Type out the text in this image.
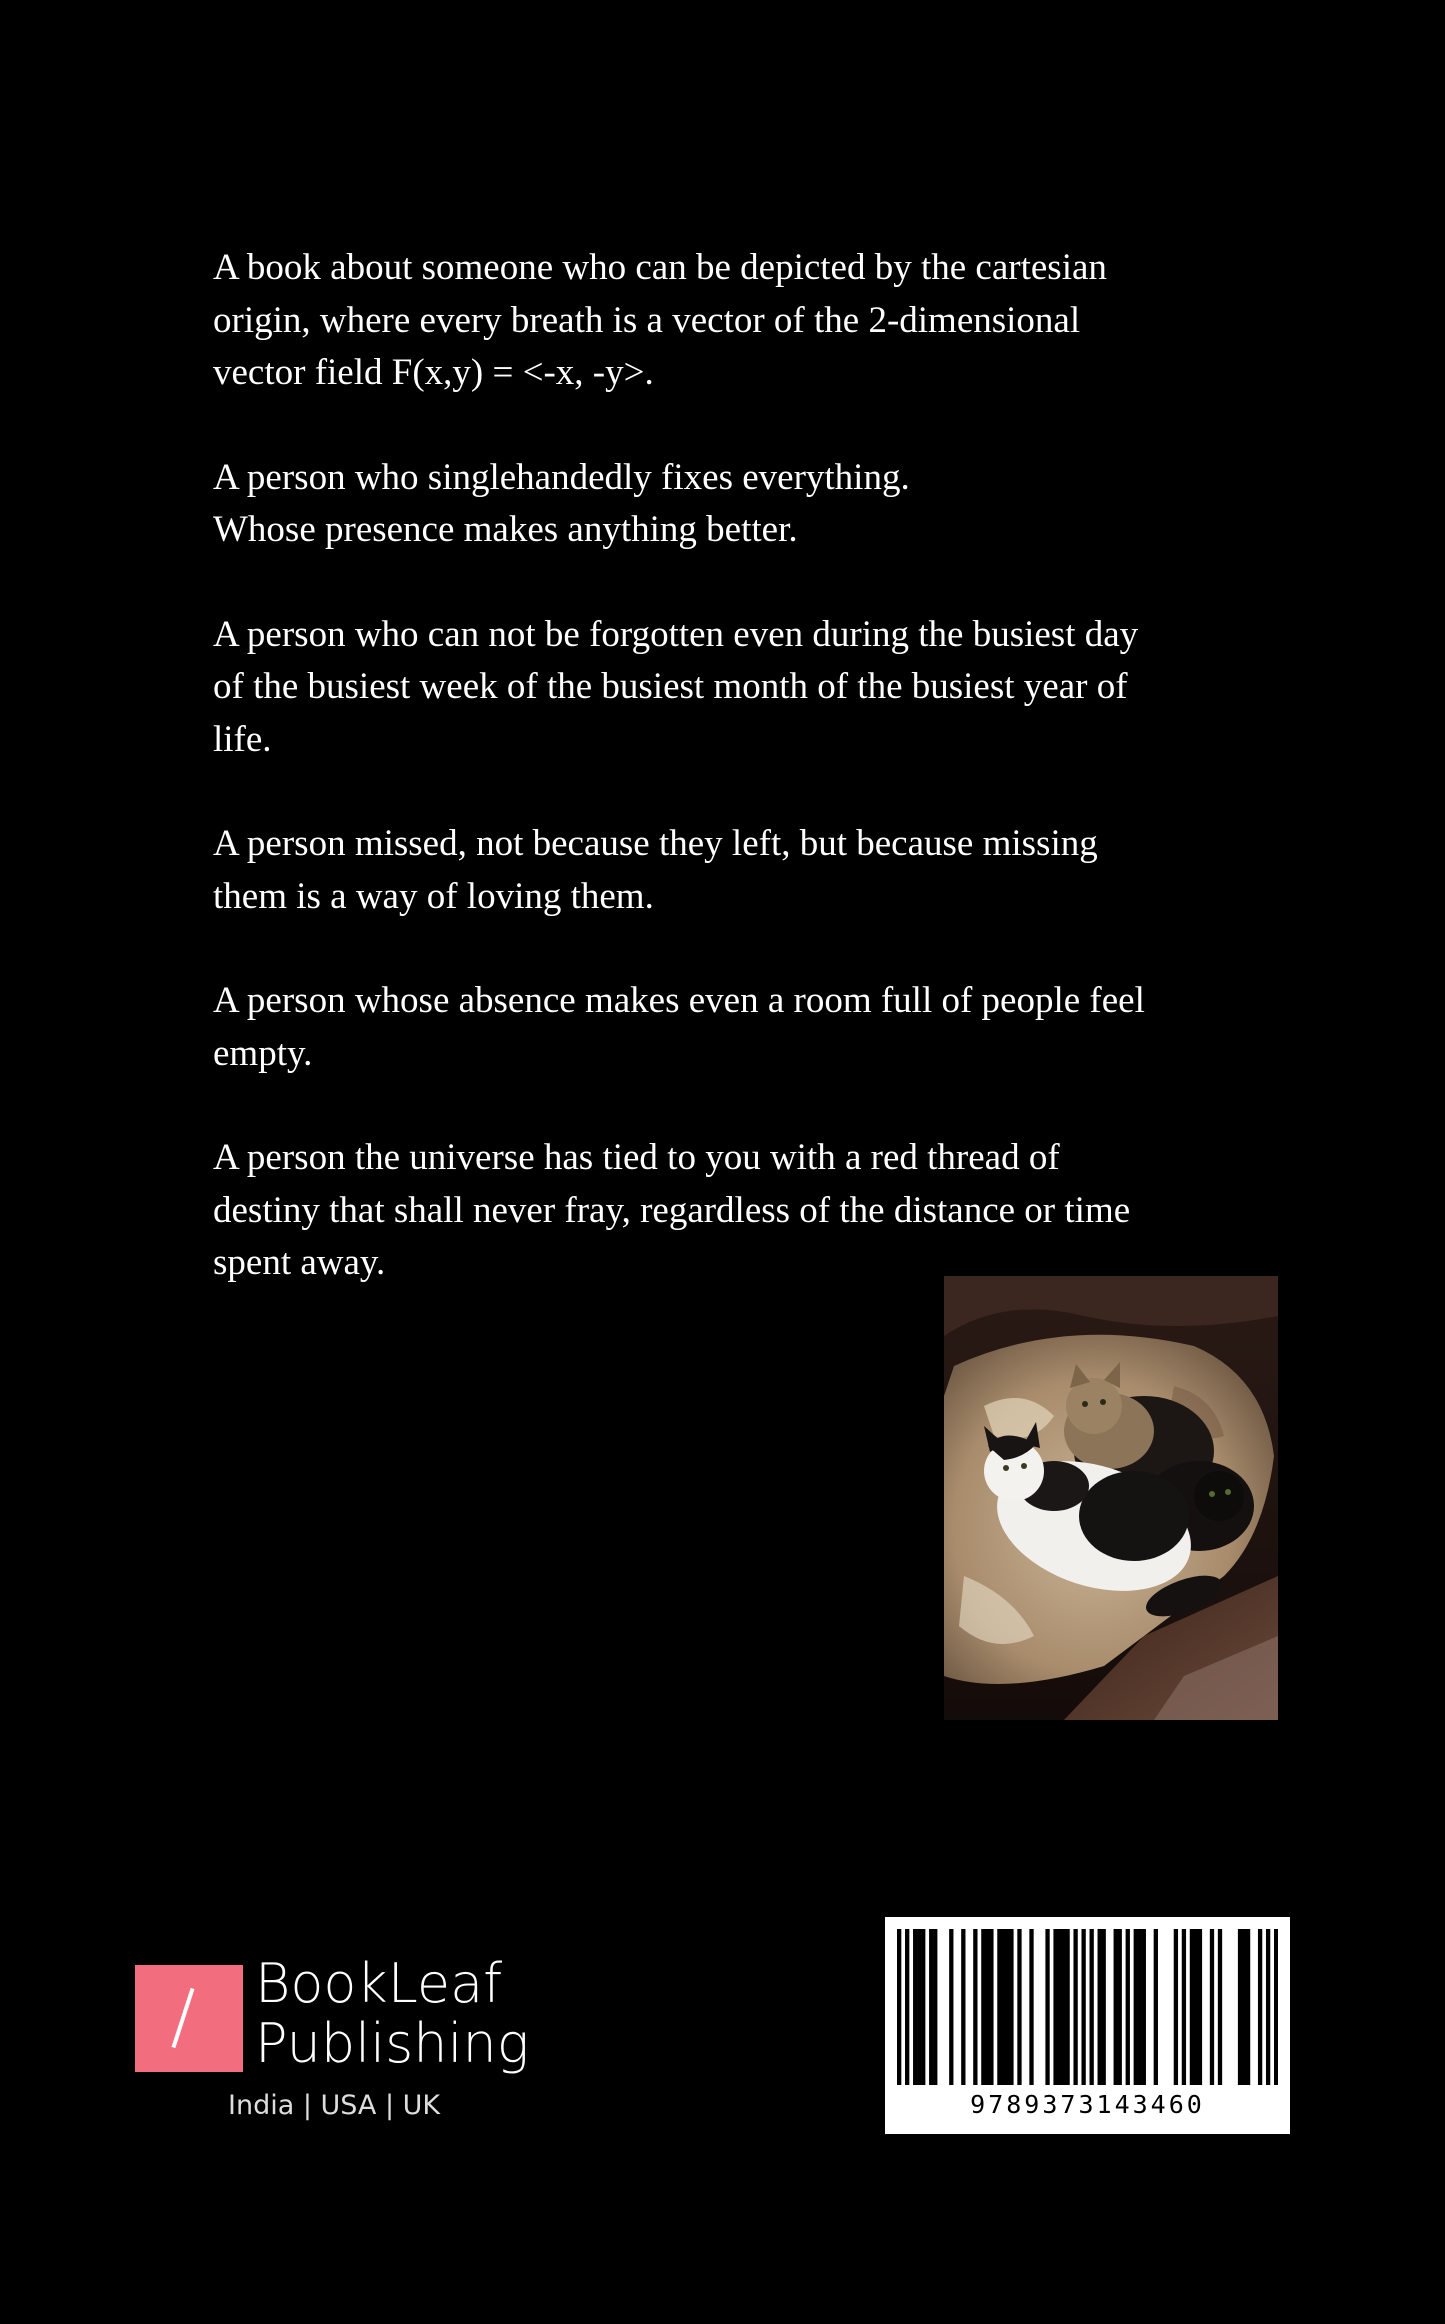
A book about someone who can be depicted by the cartesian
origin, where every breath is a vector of the 2-dimensional
vector field F(x,y) = <-x, -y>.

A person who singlehandedly fixes everything.
Whose presence makes anything better.

A person who can not be forgotten even during the busiest day
of the busiest week of the busiest month of the busiest year of
life.

A person missed, not because they left, but because missing
them is a way of loving them.

A person whose absence makes even a room full of people feel
empty.

A person the universe has tied to you with a red thread of
destiny that shall never fray, regardless of the distance or time
spent away.

BookLeaf
Publishing
India | USA | UK	9789373143460
